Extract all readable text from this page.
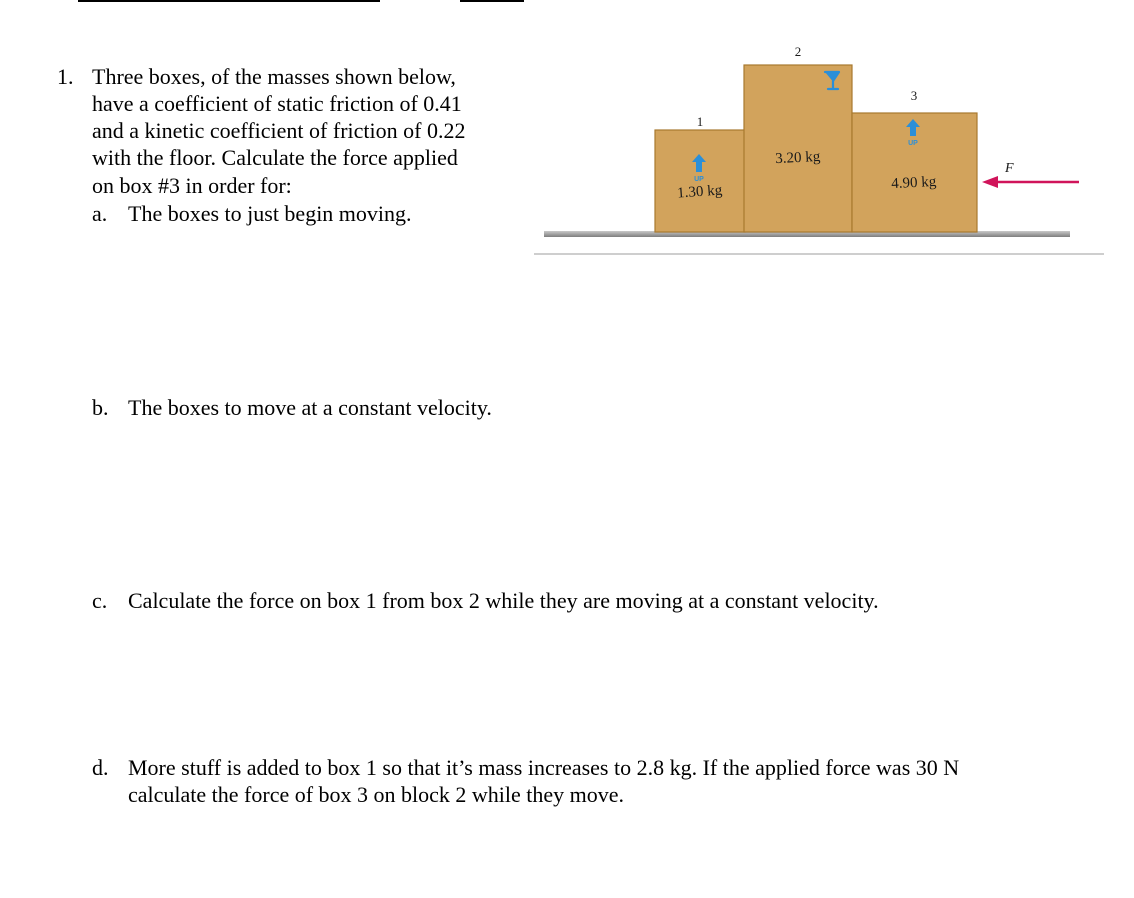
1. Three boxes, of the masses shown below,
have a coefficient of static friction of 0.41
and a kinetic coefficient of friction of 0.22
with the floor. Calculate the force applied
on box #3 in order for:
a. The boxes to just begin moving.
b. The boxes to move at a constant velocity.
c. Calculate the force on box 1 from box 2 while they are moving at a constant velocity.
d. More stuff is added to box 1 so that it’s mass increases to 2.8 kg. If the applied force was 30 N
calculate the force of box 3 on block 2 while they move.
1
UP
1.30 kg
2
3.20 kg
3
UP
4.90 kg
F
